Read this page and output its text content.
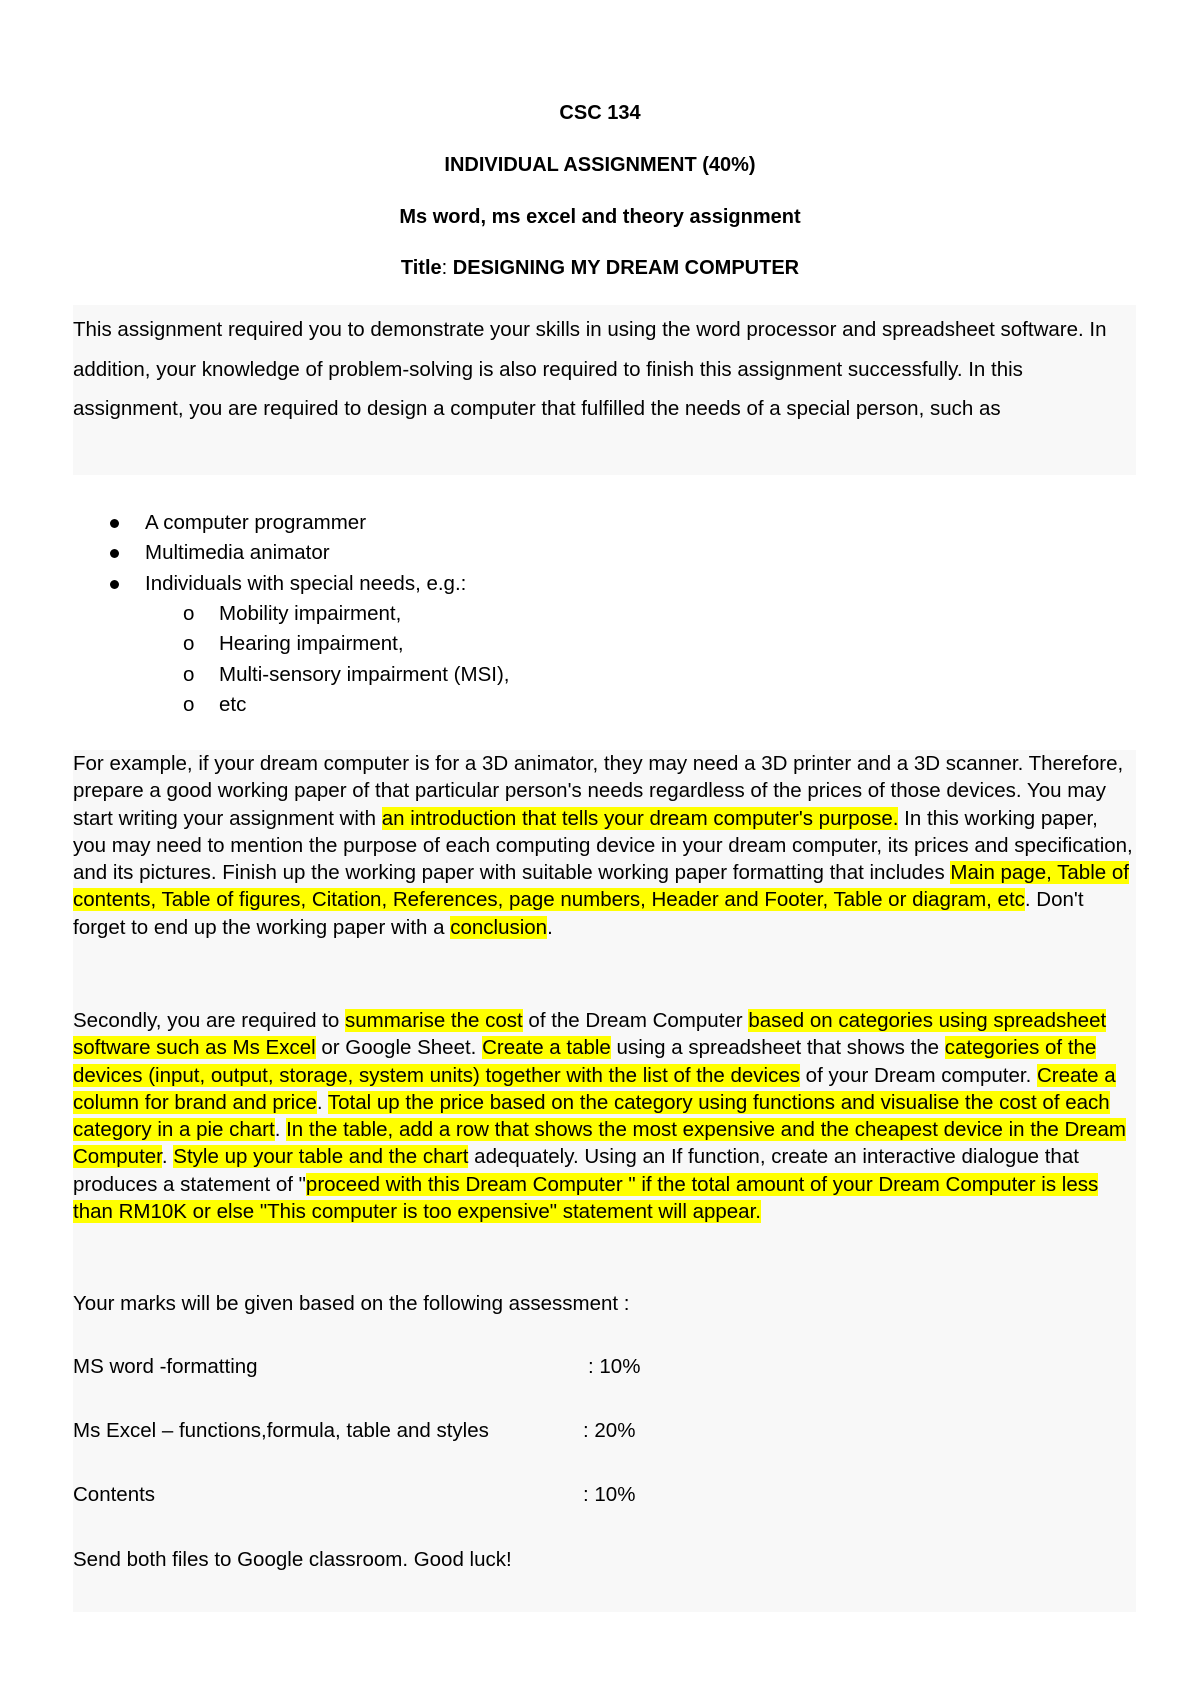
CSC 134
INDIVIDUAL ASSIGNMENT (40%)
Ms word, ms excel and theory assignment
Title: DESIGNING MY DREAM COMPUTER

This assignment required you to demonstrate your skills in using the word processor and spreadsheet software. In addition, your knowledge of problem-solving is also required to finish this assignment successfully. In this assignment, you are required to design a computer that fulfilled the needs of a special person, such as

A computer programmer
Multimedia animator
Individuals with special needs, e.g.:
o Mobility impairment,
o Hearing impairment,
o Multi-sensory impairment (MSI),
o etc

For example, if your dream computer is for a 3D animator, they may need a 3D printer and a 3D scanner. Therefore, prepare a good working paper of that particular person's needs regardless of the prices of those devices. You may start writing your assignment with an introduction that tells your dream computer's purpose. In this working paper, you may need to mention the purpose of each computing device in your dream computer, its prices and specification, and its pictures. Finish up the working paper with suitable working paper formatting that includes Main page, Table of contents, Table of figures, Citation, References, page numbers, Header and Footer, Table or diagram, etc. Don't forget to end up the working paper with a conclusion.

Secondly, you are required to summarise the cost of the Dream Computer based on categories using spreadsheet software such as Ms Excel or Google Sheet. Create a table using a spreadsheet that shows the categories of the devices (input, output, storage, system units) together with the list of the devices of your Dream computer. Create a column for brand and price. Total up the price based on the category using functions and visualise the cost of each category in a pie chart. In the table, add a row that shows the most expensive and the cheapest device in the Dream Computer. Style up your table and the chart adequately. Using an If function, create an interactive dialogue that produces a statement of "proceed with this Dream Computer " if the total amount of your Dream Computer is less than RM10K or else "This computer is too expensive" statement will appear.

Your marks will be given based on the following assessment :

MS word -formatting	: 10%
Ms Excel – functions,formula, table and styles	: 20%
Contents	: 10%

Send both files to Google classroom. Good luck!
